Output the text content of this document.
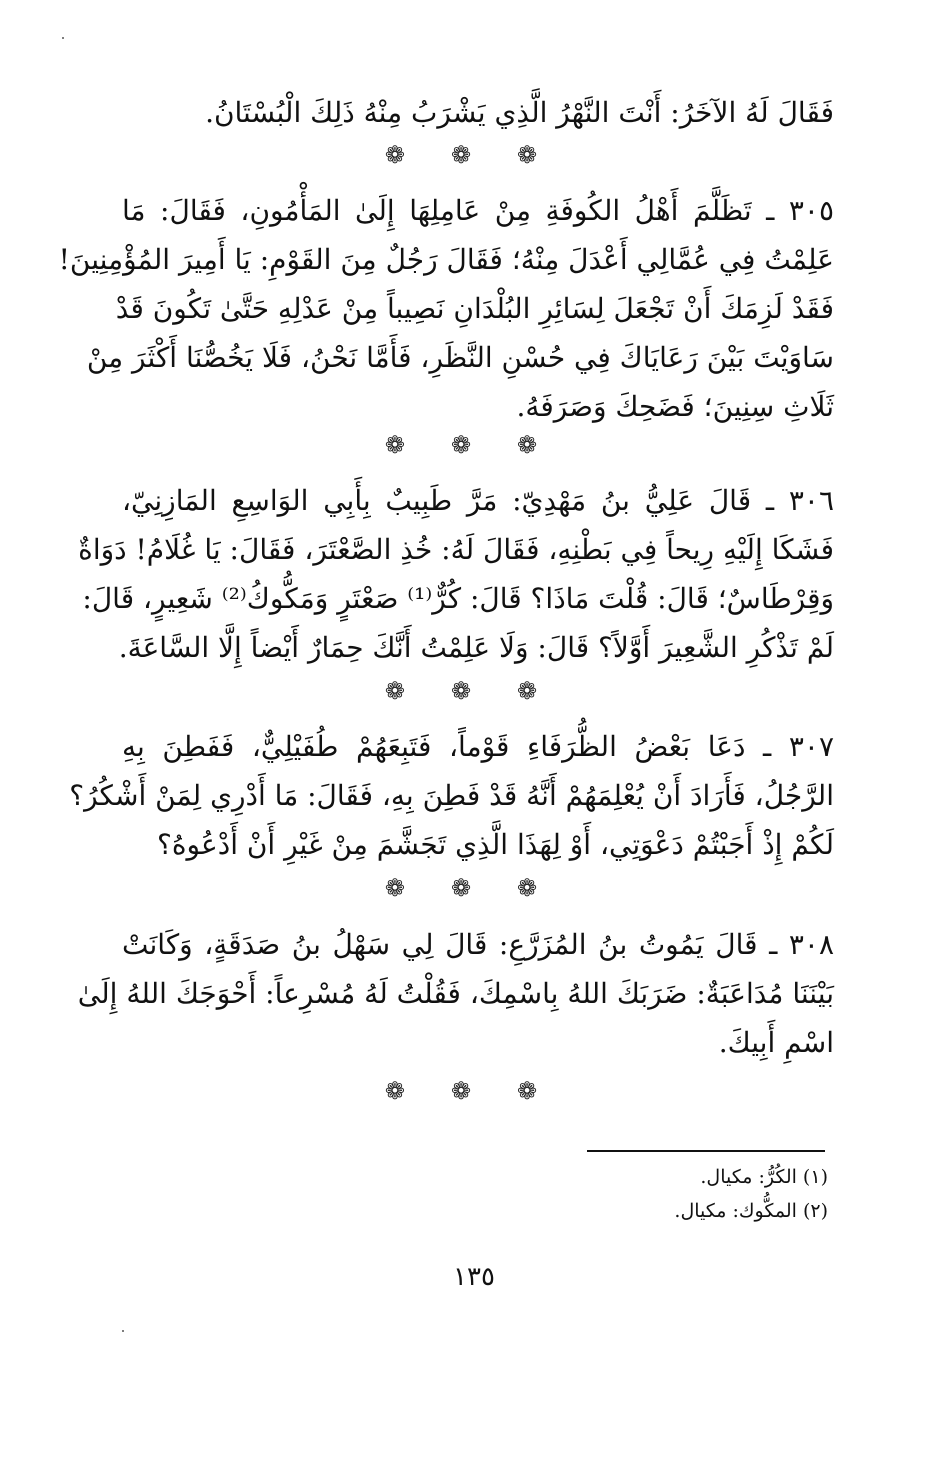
فَقَالَ لَهُ الآخَرُ: أَنْتَ النَّهْرُ الَّذِي يَشْرَبُ مِنْهُ ذَلِكَ الْبُسْتَانُ.
❁ ❁ ❁
٣٠٥ ـ تَظَلَّمَ أَهْلُ الكُوفَةِ مِنْ عَامِلِهَا إِلَىٰ المَأْمُونِ، فَقَالَ: مَا
عَلِمْتُ فِي عُمَّالِي أَعْدَلَ مِنْهُ؛ فَقَالَ رَجُلٌ مِنَ القَوْمِ: يَا أَمِيرَ المُؤْمِنِينَ!
فَقَدْ لَزِمَكَ أَنْ تَجْعَلَ لِسَائِرِ البُلْدَانِ نَصِيباً مِنْ عَدْلِهِ حَتَّىٰ تَكُونَ قَدْ
سَاوَيْتَ بَيْنَ رَعَايَاكَ فِي حُسْنِ النَّظَرِ، فَأَمَّا نَحْنُ، فَلَا يَخُصُّنَا أَكْثَرَ مِنْ
ثَلَاثِ سِنِينَ؛ فَضَحِكَ وَصَرَفَهُ.
❁ ❁ ❁
٣٠٦ ـ قَالَ عَلِيُّ بنُ مَهْدِيّ: مَرَّ طَبِيبٌ بِأَبِي الوَاسِعِ المَازِنِيّ،
فَشَكَا إِلَيْهِ رِيحاً فِي بَطْنِهِ، فَقَالَ لَهُ: خُذِ الصَّعْتَرَ، فَقَالَ: يَا غُلَامُ! دَوَاةٌ
وَقِرْطَاسٌ؛ قَالَ: قُلْتَ مَاذَا؟ قَالَ: كُرٌّ⁽¹⁾ صَعْتَرٍ وَمَكُّوكُ⁽²⁾ شَعِيرٍ، قَالَ:
لَمْ تَذْكُرِ الشَّعِيرَ أَوَّلاً؟ قَالَ: وَلَا عَلِمْتُ أَنَّكَ حِمَارٌ أَيْضاً إِلَّا السَّاعَةَ.
❁ ❁ ❁
٣٠٧ ـ دَعَا بَعْضُ الظُّرَفَاءِ قَوْماً، فَتَبِعَهُمْ طُفَيْلِيٌّ، فَفَطِنَ بِهِ
الرَّجُلُ، فَأَرَادَ أَنْ يُعْلِمَهُمْ أَنَّهُ قَدْ فَطِنَ بِهِ، فَقَالَ: مَا أَدْرِي لِمَنْ أَشْكُرُ؟
لَكُمْ إِذْ أَجَبْتُمْ دَعْوَتِي، أَوْ لِهَذَا الَّذِي تَجَشَّمَ مِنْ غَيْرِ أَنْ أَدْعُوهُ؟
❁ ❁ ❁
٣٠٨ ـ قَالَ يَمُوتُ بنُ المُزَرَّعِ: قَالَ لِي سَهْلُ بنُ صَدَقَةٍ، وَكَانَتْ
بَيْنَنَا مُدَاعَبَةٌ: ضَرَبَكَ اللهُ بِاسْمِكَ، فَقُلْتُ لَهُ مُسْرِعاً: أَحْوَجَكَ اللهُ إِلَىٰ
اسْمِ أَبِيكَ.
❁ ❁ ❁
(١) الكُرُّ: مكيال.
(٢) المكُّوك: مكيال.
١٣٥
